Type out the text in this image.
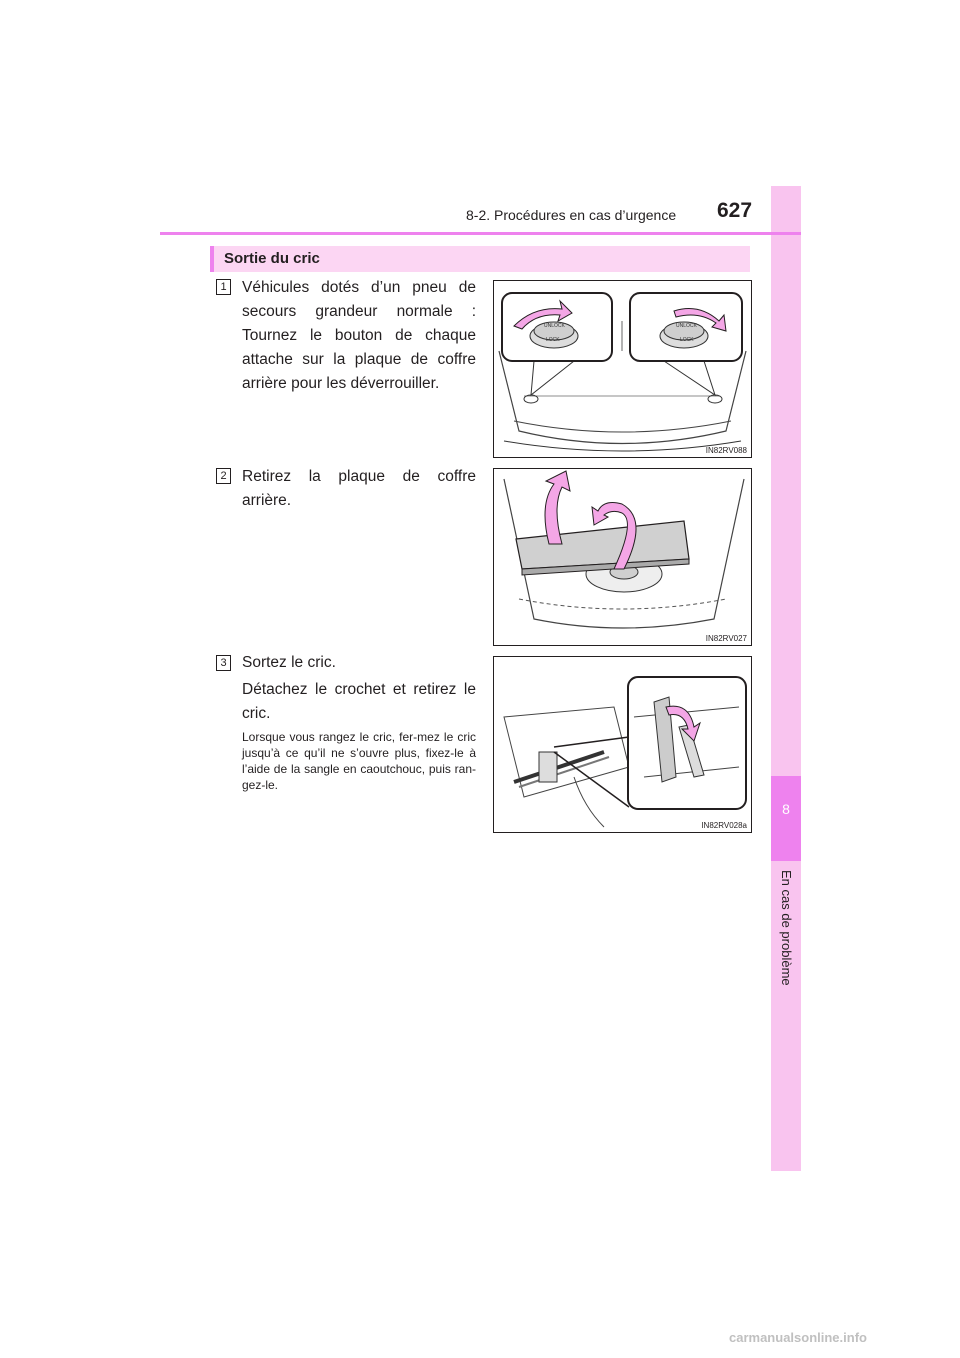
8
En cas de problème
8-2. Procédures en cas d’urgence 627
Sortie du cric
1 Véhicules dotés d’un pneu de secours grandeur normale : Tournez le bouton de chaque attache sur la plaque de coffre arrière pour les déverrouiller.
UNLOCK
LOCK
UNLOCK
LOCK
IN82RV088
2 Retirez la plaque de coffre arrière.
IN82RV027
3 Sortez le cric.
Détachez le crochet et retirez le cric.
Lorsque vous rangez le cric, fer-mez le cric jusqu’à ce qu’il ne s’ouvre plus, fixez-le à l’aide de la sangle en caoutchouc, puis ran-gez-le.
IN82RV028a
carmanualsonline.info
